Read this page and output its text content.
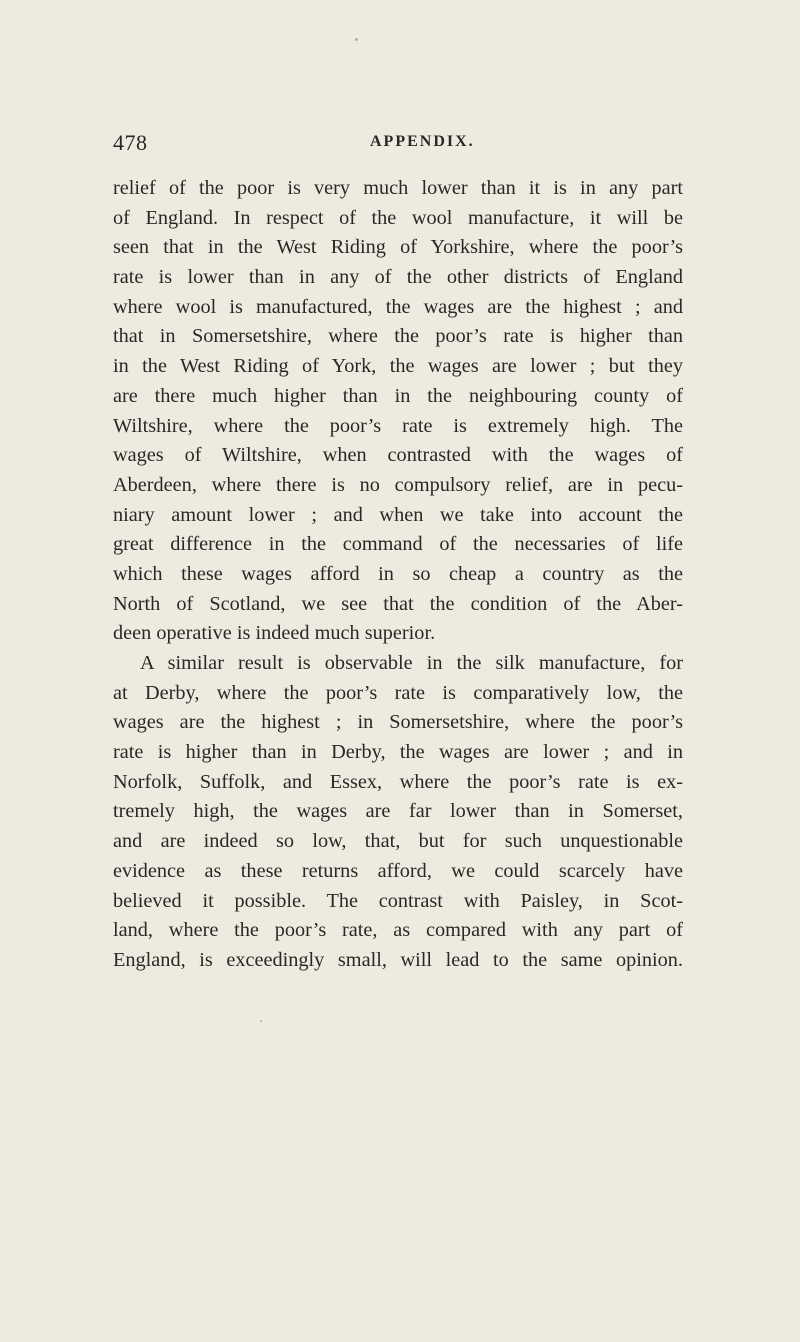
478	APPENDIX.
relief of the poor is very much lower than it is in any part
of England. In respect of the wool manufacture, it will be
seen that in the West Riding of Yorkshire, where the poor’s
rate is lower than in any of the other districts of England
where wool is manufactured, the wages are the highest ; and
that in Somersetshire, where the poor’s rate is higher than
in the West Riding of York, the wages are lower ; but they
are there much higher than in the neighbouring county of
Wiltshire, where the poor’s rate is extremely high. The
wages of Wiltshire, when contrasted with the wages of
Aberdeen, where there is no compulsory relief, are in pecu-
niary amount lower ; and when we take into account the
great difference in the command of the necessaries of life
which these wages afford in so cheap a country as the
North of Scotland, we see that the condition of the Aber-
deen operative is indeed much superior.
A similar result is observable in the silk manufacture, for
at Derby, where the poor’s rate is comparatively low, the
wages are the highest ; in Somersetshire, where the poor’s
rate is higher than in Derby, the wages are lower ; and in
Norfolk, Suffolk, and Essex, where the poor’s rate is ex-
tremely high, the wages are far lower than in Somerset,
and are indeed so low, that, but for such unquestionable
evidence as these returns afford, we could scarcely have
believed it possible. The contrast with Paisley, in Scot-
land, where the poor’s rate, as compared with any part of
England, is exceedingly small, will lead to the same opinion.
